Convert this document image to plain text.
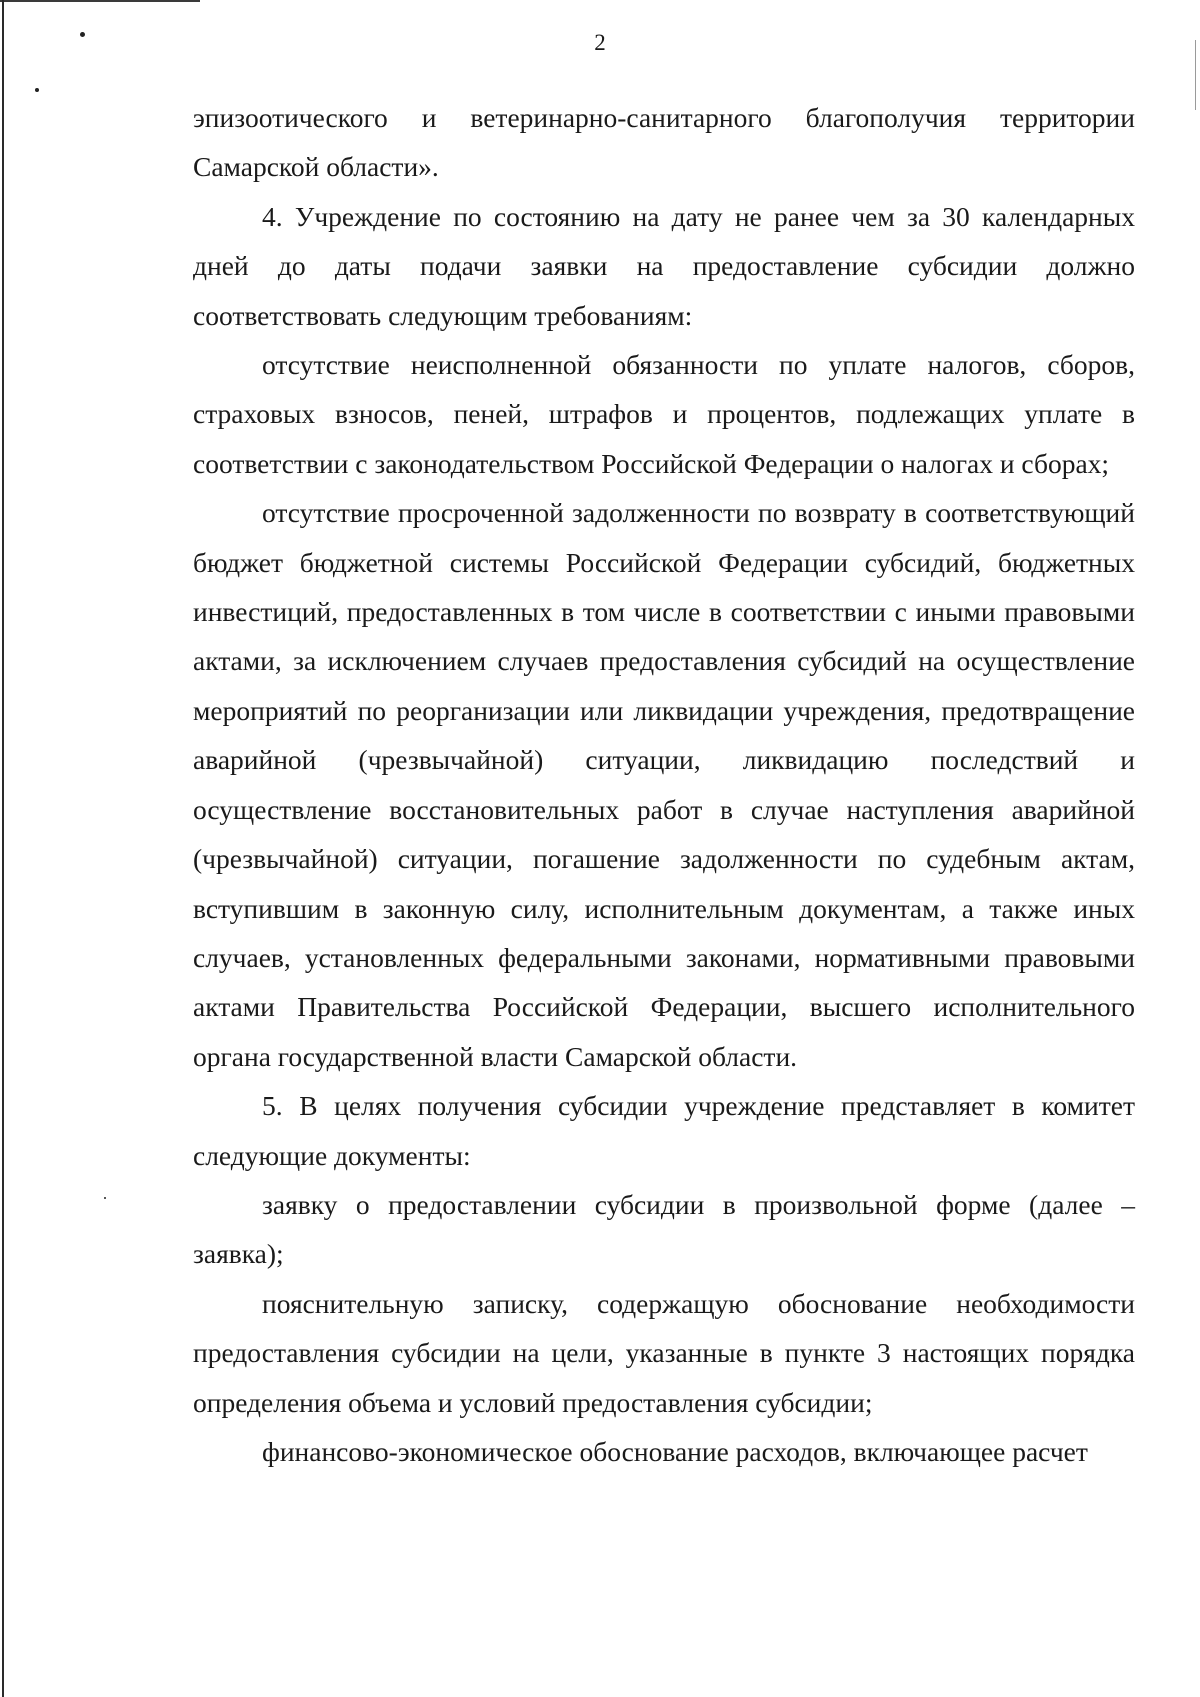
2

эпизоотического и ветеринарно-санитарного благополучия территории Самарской области».

4. Учреждение по состоянию на дату не ранее чем за 30 календарных дней до даты подачи заявки на предоставление субсидии должно соответствовать следующим требованиям:

отсутствие неисполненной обязанности по уплате налогов, сборов, страховых взносов, пеней, штрафов и процентов, подлежащих уплате в соответствии с законодательством Российской Федерации о налогах и сборах;

отсутствие просроченной задолженности по возврату в соответствующий бюджет бюджетной системы Российской Федерации субсидий, бюджетных инвестиций, предоставленных в том числе в соответствии с иными правовыми актами, за исключением случаев предоставления субсидий на осуществление мероприятий по реорганизации или ликвидации учреждения, предотвращение аварийной (чрезвычайной) ситуации, ликвидацию последствий и осуществление восстановительных работ в случае наступления аварийной (чрезвычайной) ситуации, погашение задолженности по судебным актам, вступившим в законную силу, исполнительным документам, а также иных случаев, установленных федеральными законами, нормативными правовыми актами Правительства Российской Федерации, высшего исполнительного органа государственной власти Самарской области.

5. В целях получения субсидии учреждение представляет в комитет следующие документы:

заявку о предоставлении субсидии в произвольной форме (далее – заявка);

пояснительную записку, содержащую обоснование необходимости предоставления субсидии на цели, указанные в пункте 3 настоящих порядка определения объема и условий предоставления субсидии;

финансово-экономическое обоснование расходов, включающее расчет
